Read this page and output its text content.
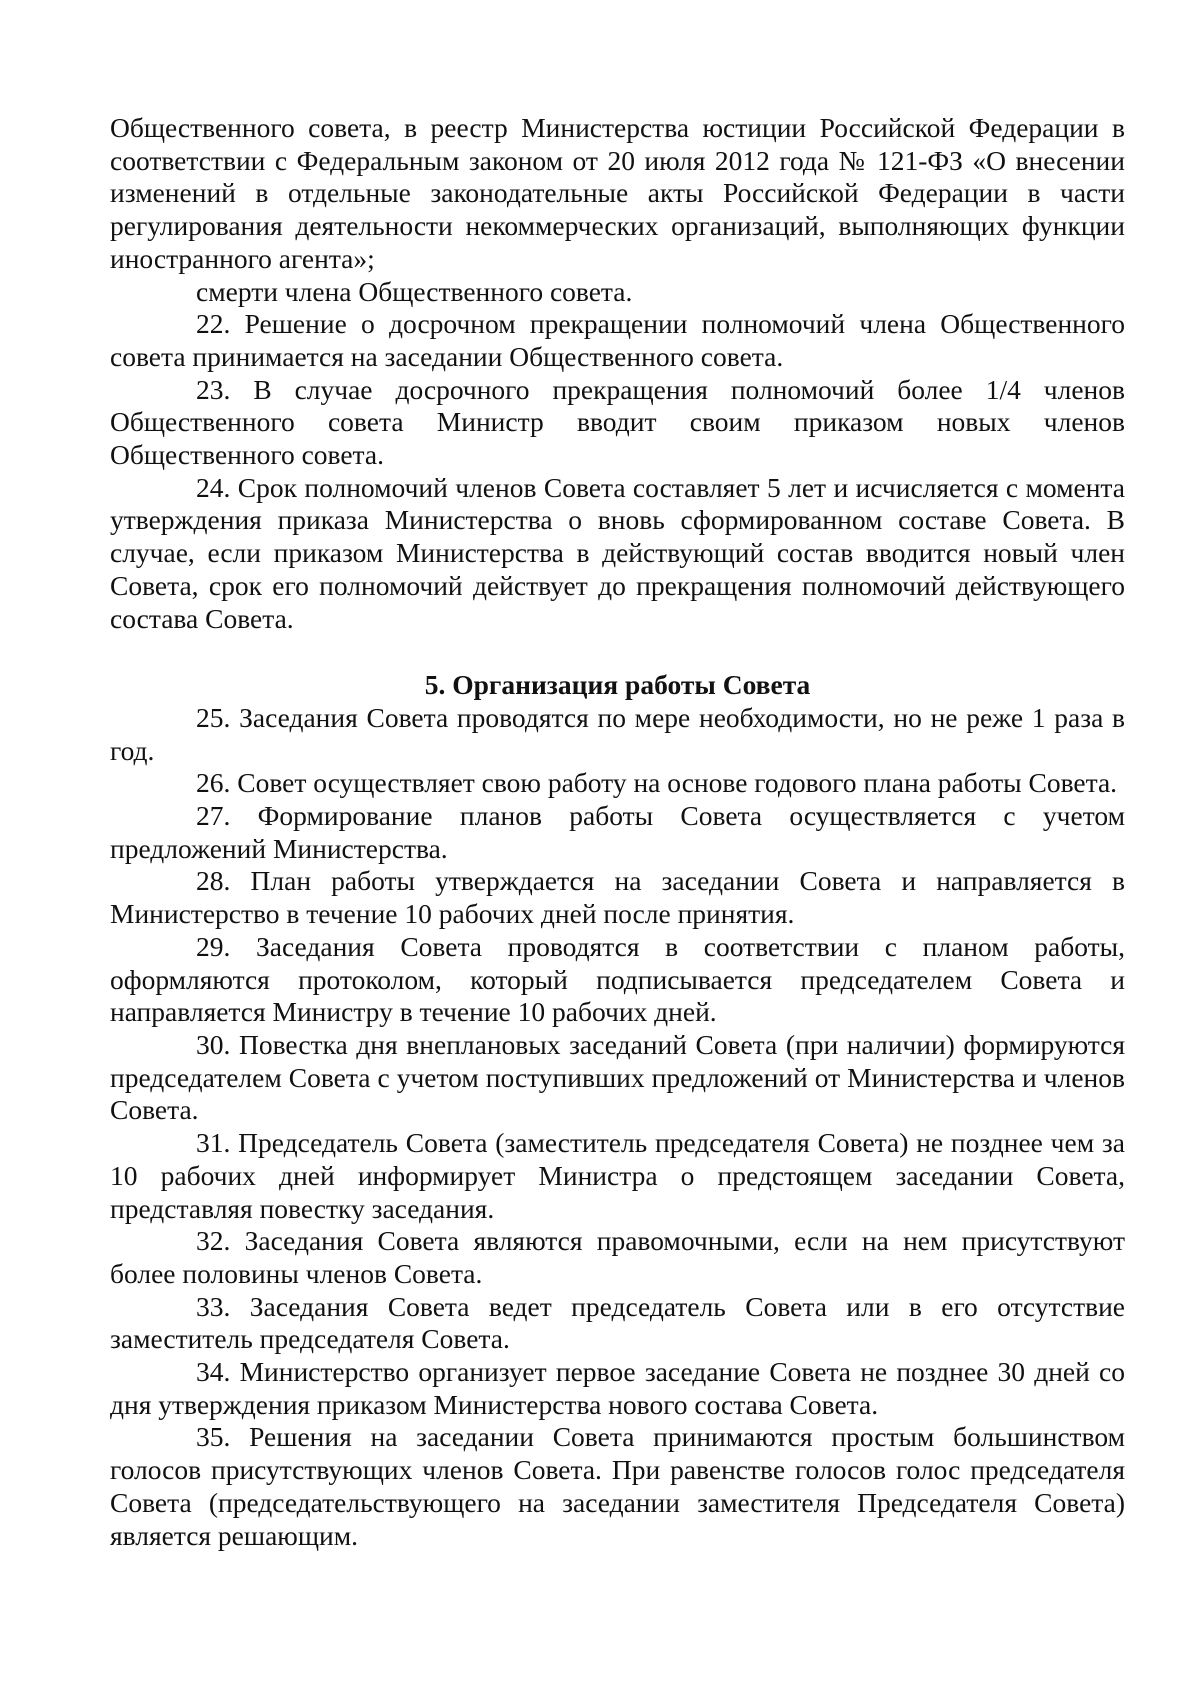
Общественного совета, в реестр Министерства юстиции Российской Федерации в соответствии с Федеральным законом от 20 июля 2012 года № 121-ФЗ «О внесении изменений в отдельные законодательные акты Российской Федерации в части регулирования деятельности некоммерческих организаций, выполняющих функции иностранного агента»;

смерти члена Общественного совета.

22. Решение о досрочном прекращении полномочий члена Общественного совета принимается на заседании Общественного совета.

23. В случае досрочного прекращения полномочий более 1/4 членов Общественного совета Министр вводит своим приказом новых членов Общественного совета.

24. Срок полномочий членов Совета составляет 5 лет и исчисляется с момента утверждения приказа Министерства о вновь сформированном составе Совета. В случае, если приказом Министерства в действующий состав вводится новый член Совета, срок его полномочий действует до прекращения полномочий действующего состава Совета.

5. Организация работы Совета

25. Заседания Совета проводятся по мере необходимости, но не реже 1 раза в год.

26. Совет осуществляет свою работу на основе годового плана работы Совета.

27. Формирование планов работы Совета осуществляется с учетом предложений Министерства.

28. План работы утверждается на заседании Совета и направляется в Министерство в течение 10 рабочих дней после принятия.

29. Заседания Совета проводятся в соответствии с планом работы, оформляются протоколом, который подписывается председателем Совета и направляется Министру в течение 10 рабочих дней.

30. Повестка дня внеплановых заседаний Совета (при наличии) формируются председателем Совета с учетом поступивших предложений от Министерства и членов Совета.

31. Председатель Совета (заместитель председателя Совета) не позднее чем за 10 рабочих дней информирует Министра о предстоящем заседании Совета, представляя повестку заседания.

32. Заседания Совета являются правомочными, если на нем присутствуют более половины членов Совета.

33. Заседания Совета ведет председатель Совета или в его отсутствие заместитель председателя Совета.

34. Министерство организует первое заседание Совета не позднее 30 дней со дня утверждения приказом Министерства нового состава Совета.

35. Решения на заседании Совета принимаются простым большинством голосов присутствующих членов Совета. При равенстве голосов голос председателя Совета (председательствующего на заседании заместителя Председателя Совета) является решающим.
